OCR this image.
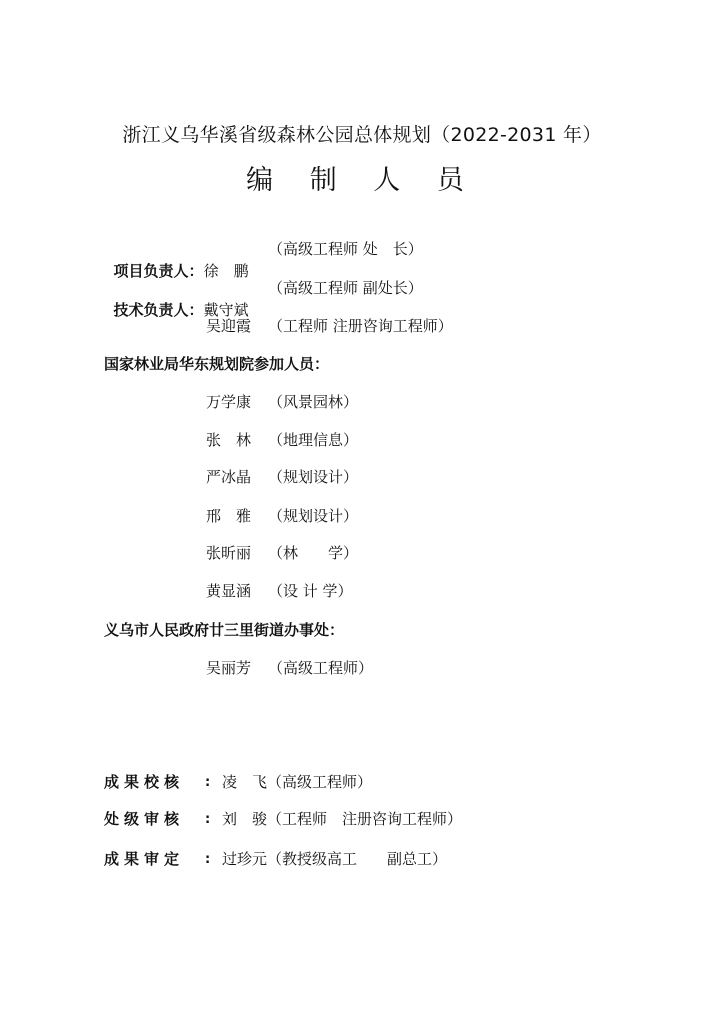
浙江义乌华溪省级森林公园总体规划（2022-2031 年）
编 制 人 员

项目负责人：徐　鹏

（高级工程师 处　长）

技术负责人：戴守斌

（高级工程师 副处长）
吴迎霞 （工程师 注册咨询工程师）
国家林业局华东规划院参加人员：
万学康 （风景园林）
张　林 （地理信息）
严冰晶 （规划设计）
邢　雅 （规划设计）
张昕丽 （林　　学）
黄显涵 （设 计 学）
义乌市人民政府廿三里街道办事处：
吴丽芳 （高级工程师）
成果校核 : 凌　飞（高级工程师）
处级审核 : 刘　骏（工程师　注册咨询工程师）
成果审定 : 过珍元（教授级高工　　副总工）
